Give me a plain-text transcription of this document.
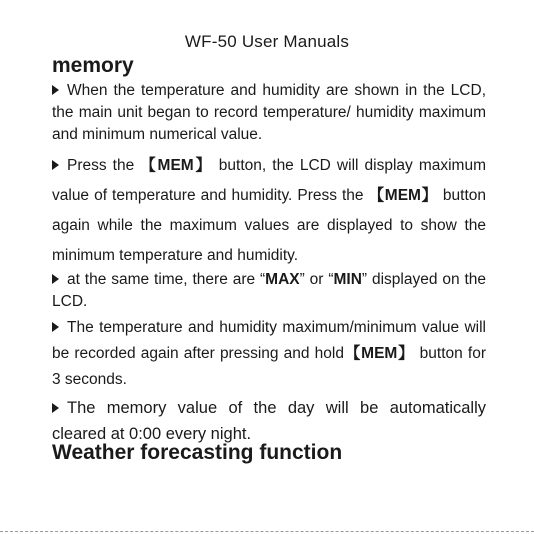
WF-50 User Manuals
memory
When the temperature and humidity are shown in the LCD, the main unit began to record temperature/ humidity maximum and minimum numerical value.
Press the 【MEM】 button, the LCD will display maximum value of temperature and humidity. Press the 【MEM】 button again while the maximum values are displayed to show the minimum temperature and humidity.
at the same time, there are “MAX” or “MIN” displayed on the LCD.
The temperature and humidity maximum/minimum value will be recorded again after pressing and hold【MEM】 button for 3 seconds.
The memory value of the day will be automatically cleared at 0:00 every night.
Weather forecasting function
